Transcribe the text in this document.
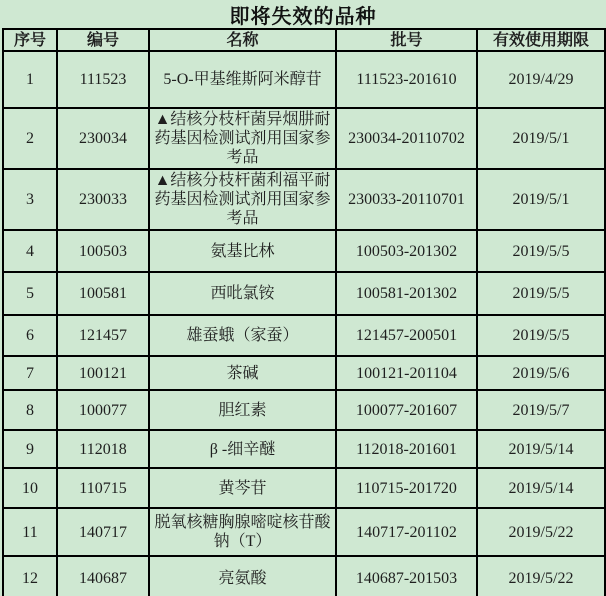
即将失效的品种
序号	编号	名称	批号	有效使用期限
1	111523	5-O-甲基维斯阿米醇苷	111523-201610	2019/4/29
2	230034	▲结核分枝杆菌异烟肼耐药基因检测试剂用国家参考品	230034-20110702	2019/5/1
3	230033	▲结核分枝杆菌利福平耐药基因检测试剂用国家参考品	230033-20110701	2019/5/1
4	100503	氨基比林	100503-201302	2019/5/5
5	100581	西吡氯铵	100581-201302	2019/5/5
6	121457	雄蚕蛾（家蚕）	121457-200501	2019/5/5
7	100121	茶碱	100121-201104	2019/5/6
8	100077	胆红素	100077-201607	2019/5/7
9	112018	β -细辛醚	112018-201601	2019/5/14
10	110715	黄芩苷	110715-201720	2019/5/14
11	140717	脱氧核糖胸腺嘧啶核苷酸钠（T）	140717-201102	2019/5/22
12	140687	亮氨酸	140687-201503	2019/5/22
